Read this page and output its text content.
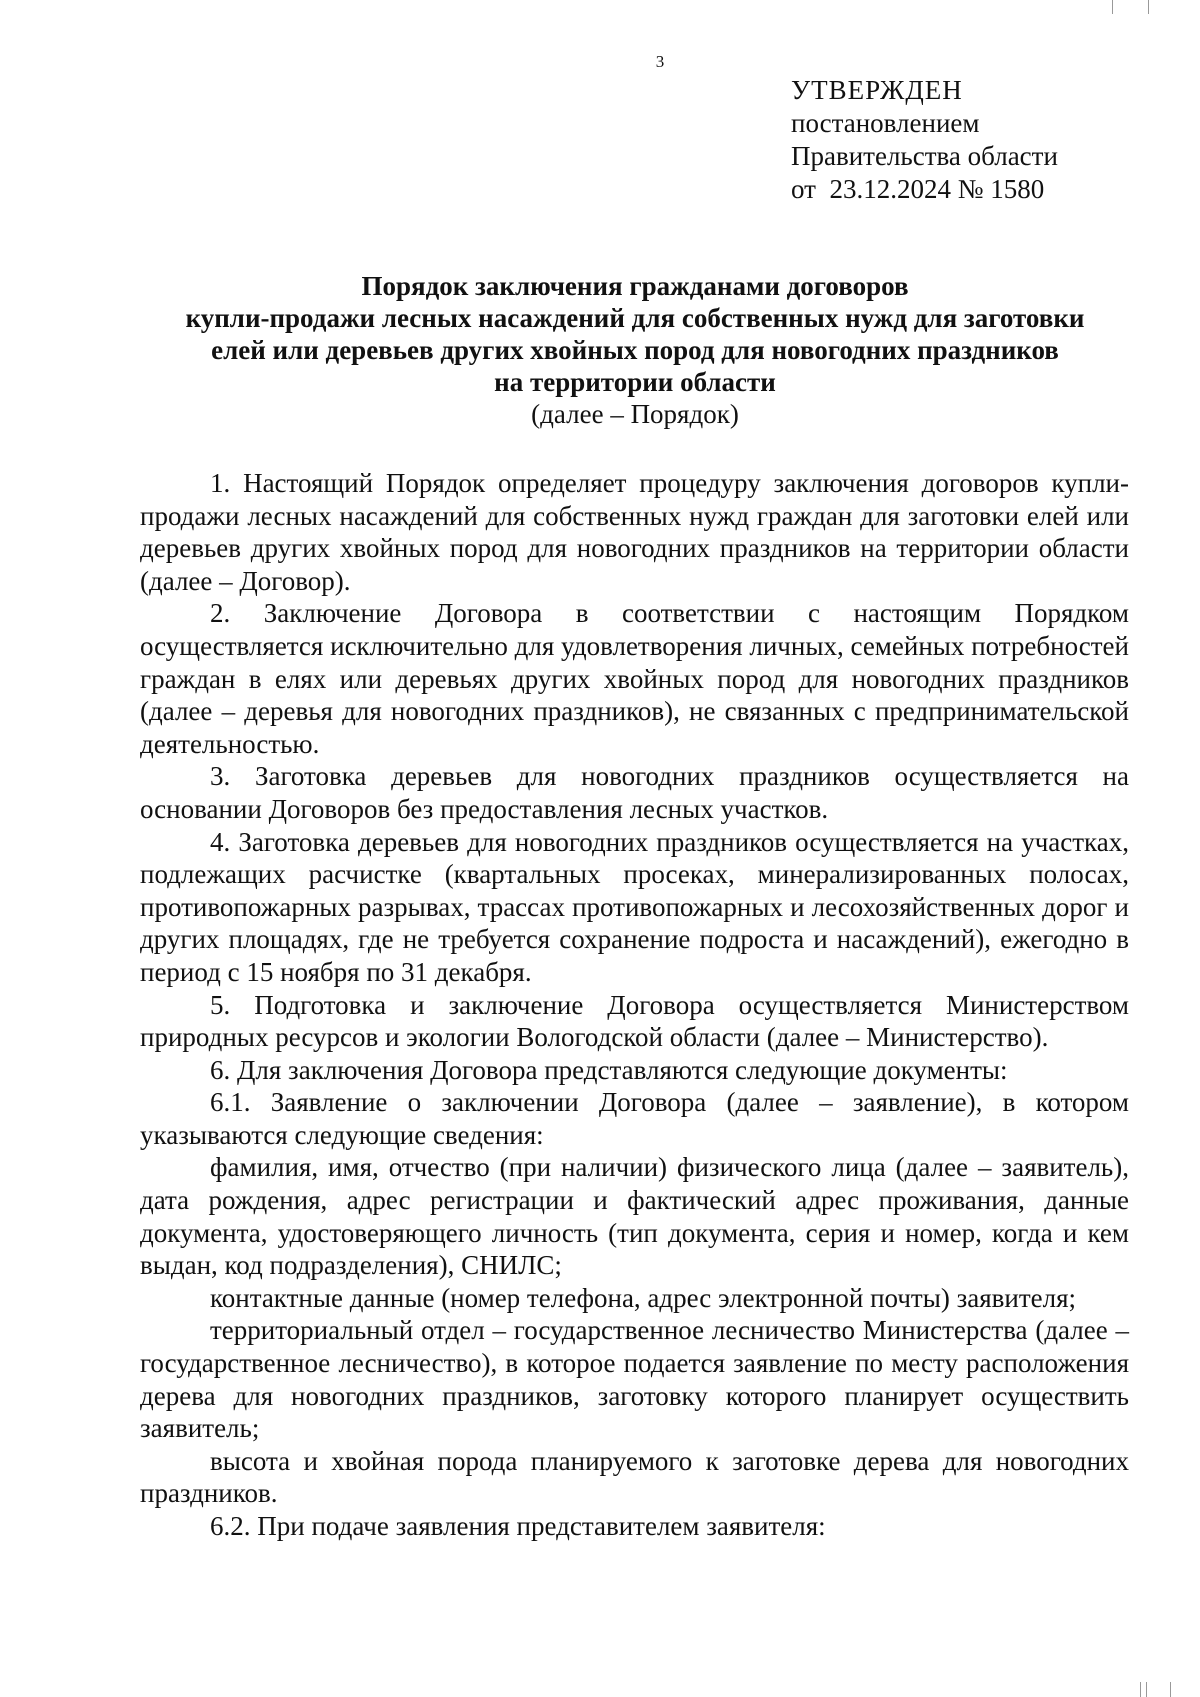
3
УТВЕРЖДЕН
постановлением
Правительства области
от  23.12.2024 № 1580
Порядок заключения гражданами договоров
купли-продажи лесных насаждений для собственных нужд для заготовки
елей или деревьев других хвойных пород для новогодних праздников
на территории области
(далее – Порядок)

1. Настоящий Порядок определяет процедуру заключения договоров купли-продажи лесных насаждений для собственных нужд граждан для заготовки елей или деревьев других хвойных пород для новогодних праздников на территории области (далее – Договор).

2. Заключение Договора в соответствии с настоящим Порядком осуществляется исключительно для удовлетворения личных, семейных потребностей граждан в елях или деревьях других хвойных пород для новогодних праздников (далее – деревья для новогодних праздников), не связанных с предпринимательской деятельностью.

3. Заготовка деревьев для новогодних праздников осуществляется на основании Договоров без предоставления лесных участков.

4. Заготовка деревьев для новогодних праздников осуществляется на участках, подлежащих расчистке (квартальных просеках, минерализированных полосах, противопожарных разрывах, трассах противопожарных и лесохозяйственных дорог и других площадях, где не требуется сохранение подроста и насаждений), ежегодно в период с 15 ноября по 31 декабря.

5. Подготовка и заключение Договора осуществляется Министерством природных ресурсов и экологии Вологодской области (далее – Министерство).

6. Для заключения Договора представляются следующие документы:

6.1. Заявление о заключении Договора (далее – заявление), в котором указываются следующие сведения:

фамилия, имя, отчество (при наличии) физического лица (далее – заявитель), дата рождения, адрес регистрации и фактический адрес проживания, данные документа, удостоверяющего личность (тип документа, серия и номер, когда и кем выдан, код подразделения), СНИЛС;

контактные данные (номер телефона, адрес электронной почты) заявителя;

территориальный отдел – государственное лесничество Министерства (далее – государственное лесничество), в которое подается заявление по месту расположения дерева для новогодних праздников, заготовку которого планирует осуществить заявитель;

высота и хвойная порода планируемого к заготовке дерева для новогодних праздников.

6.2. При подаче заявления представителем заявителя:
